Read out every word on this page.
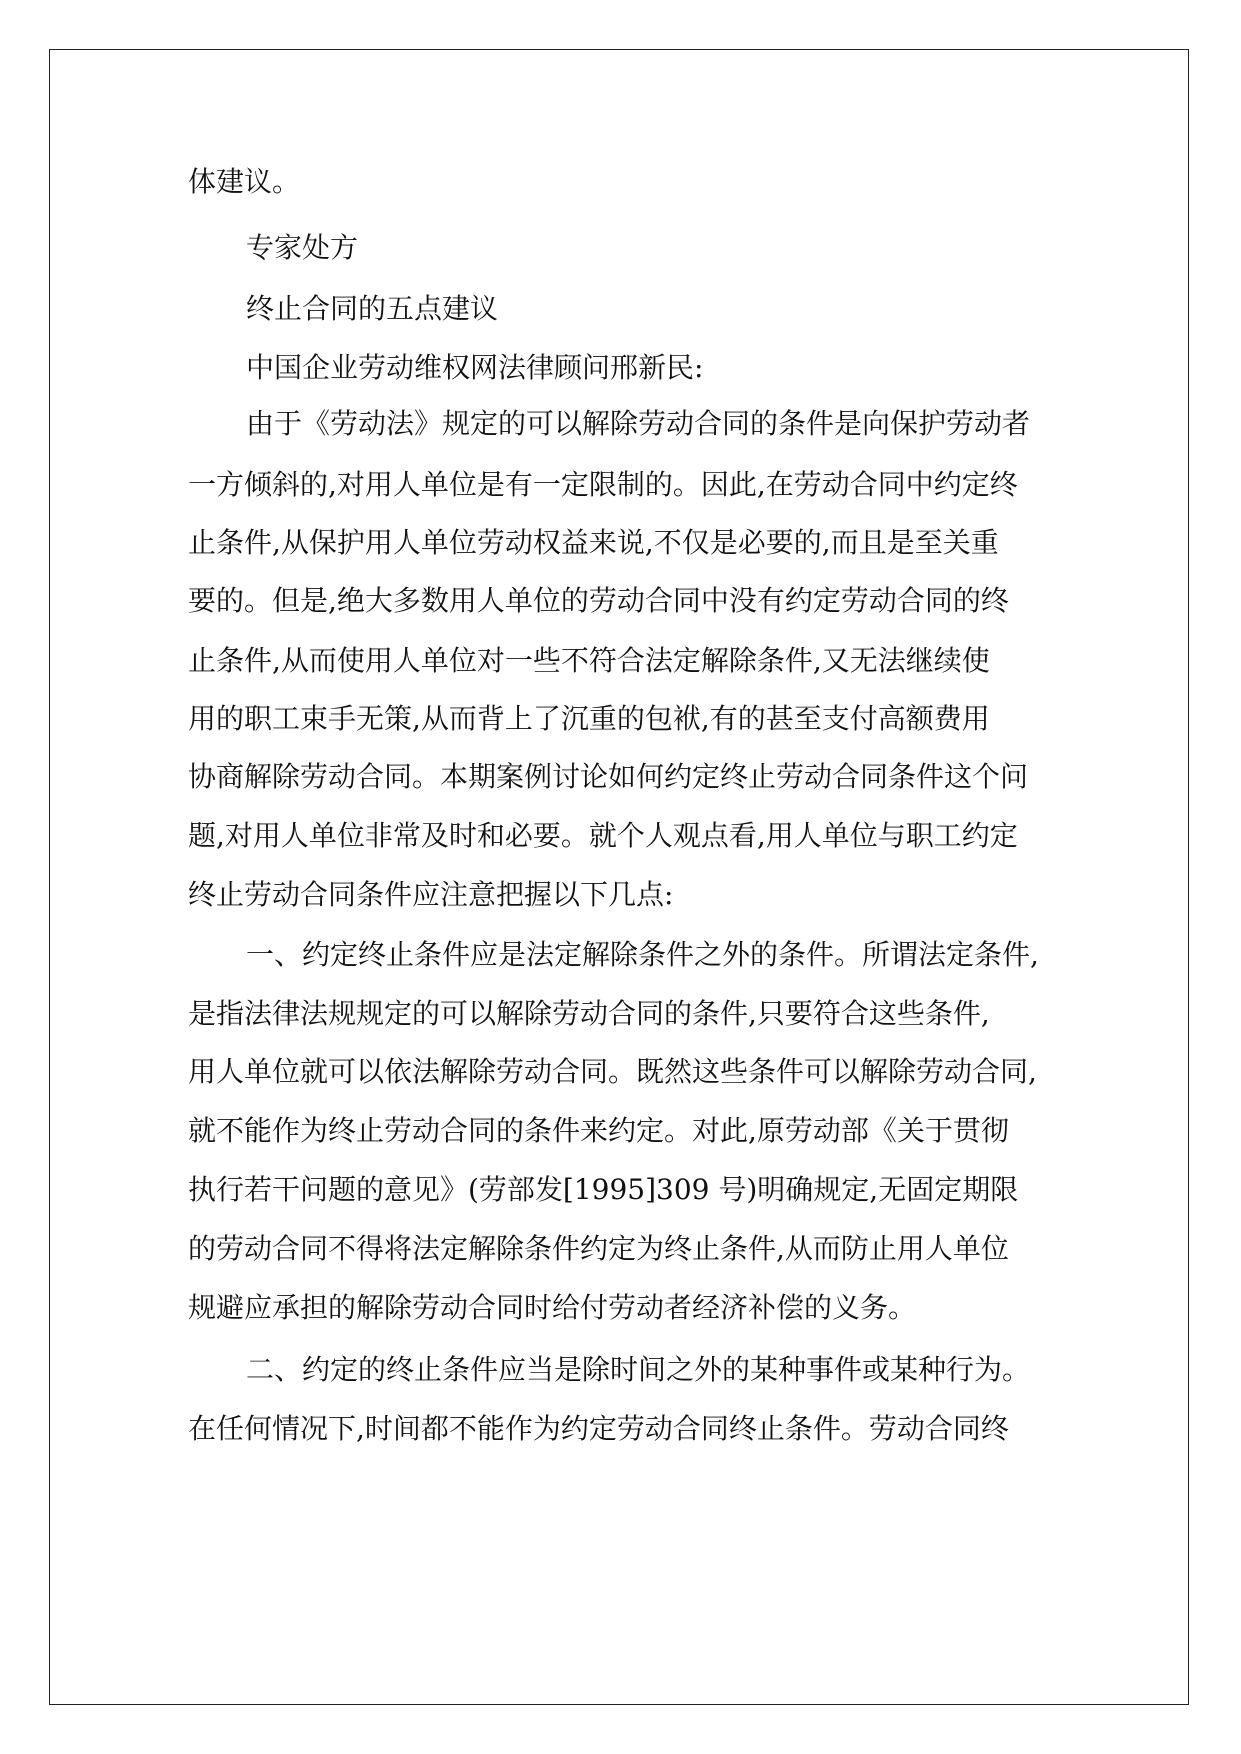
体建议。

专家处方

终止合同的五点建议

中国企业劳动维权网法律顾问邢新民:

由于《劳动法》规定的可以解除劳动合同的条件是向保护劳动者

一方倾斜的,对用人单位是有一定限制的。因此,在劳动合同中约定终

止条件,从保护用人单位劳动权益来说,不仅是必要的,而且是至关重

要的。但是,绝大多数用人单位的劳动合同中没有约定劳动合同的终

止条件,从而使用人单位对一些不符合法定解除条件,又无法继续使

用的职工束手无策,从而背上了沉重的包袱,有的甚至支付高额费用

协商解除劳动合同。本期案例讨论如何约定终止劳动合同条件这个问

题,对用人单位非常及时和必要。就个人观点看,用人单位与职工约定

终止劳动合同条件应注意把握以下几点:

一、约定终止条件应是法定解除条件之外的条件。所谓法定条件,

是指法律法规规定的可以解除劳动合同的条件,只要符合这些条件,

用人单位就可以依法解除劳动合同。既然这些条件可以解除劳动合同,

就不能作为终止劳动合同的条件来约定。对此,原劳动部《关于贯彻

执行若干问题的意见》(劳部发[1995]309 号)明确规定,无固定期限

的劳动合同不得将法定解除条件约定为终止条件,从而防止用人单位

规避应承担的解除劳动合同时给付劳动者经济补偿的义务。

二、约定的终止条件应当是除时间之外的某种事件或某种行为。

在任何情况下,时间都不能作为约定劳动合同终止条件。劳动合同终
